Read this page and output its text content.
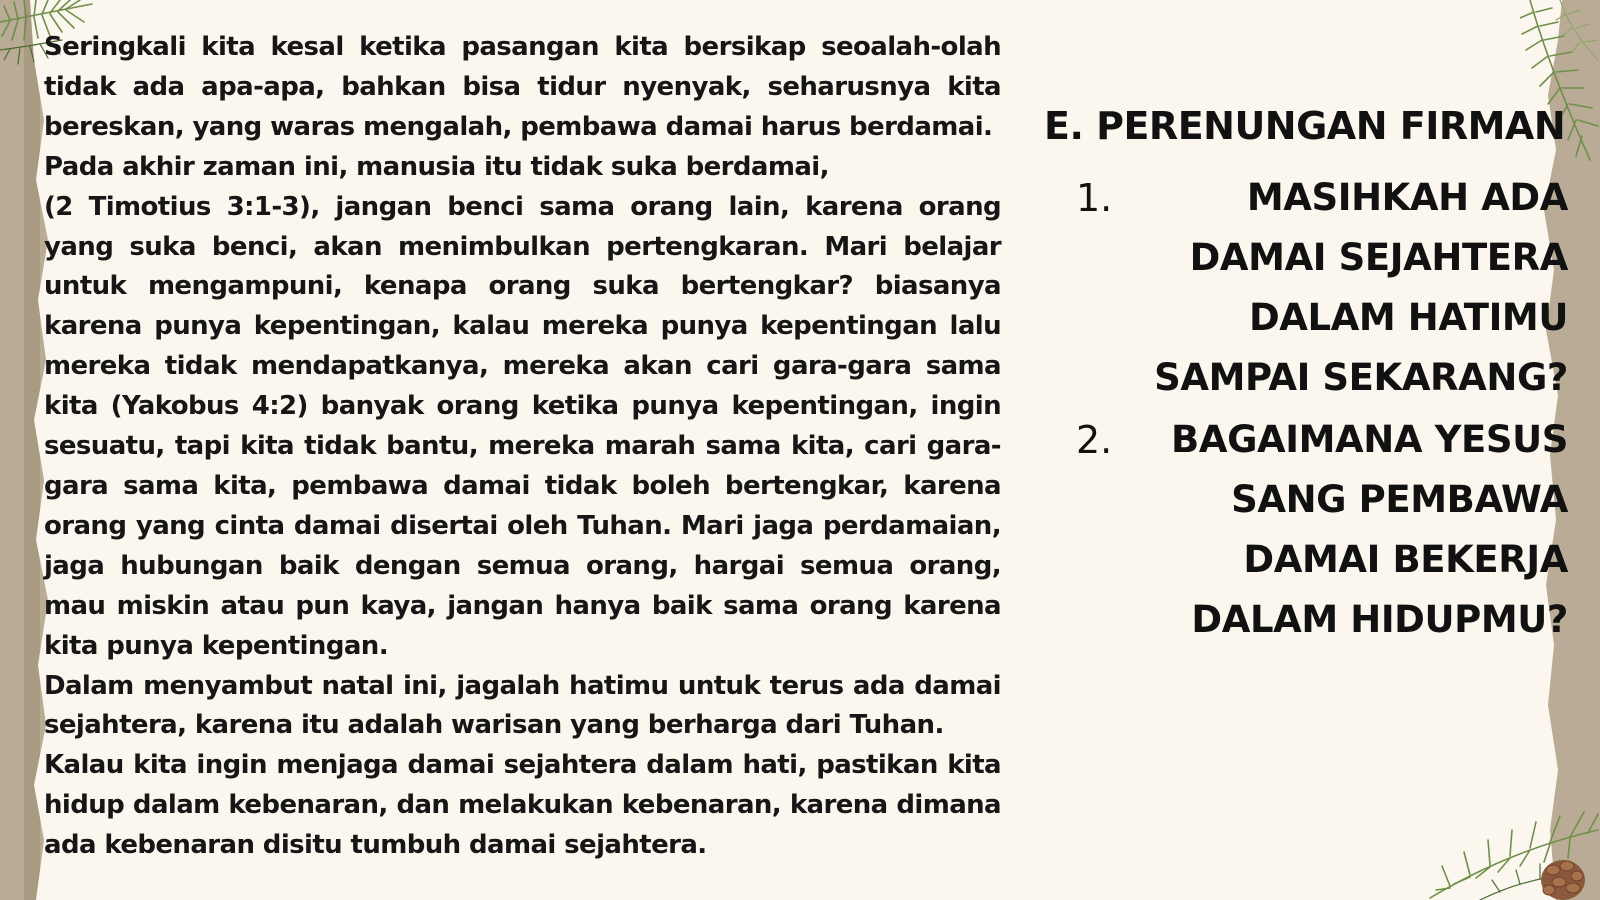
Seringkali kita kesal ketika pasangan kita bersikap seoalah-olah tidak ada apa-apa, bahkan bisa tidur nyenyak, seharusnya kita bereskan, yang waras mengalah, pembawa damai harus berdamai.

Pada akhir zaman ini, manusia itu tidak suka berdamai,

(2 Timotius 3:1-3), jangan benci sama orang lain, karena orang yang suka benci, akan menimbulkan pertengkaran. Mari belajar untuk mengampuni, kenapa orang suka bertengkar? biasanya karena punya kepentingan, kalau mereka punya kepentingan lalu mereka tidak mendapatkanya, mereka akan cari gara-gara sama kita (Yakobus 4:2) banyak orang ketika punya kepentingan, ingin sesuatu, tapi kita tidak bantu, mereka marah sama kita, cari gara-gara sama kita, pembawa damai tidak boleh bertengkar, karena orang yang cinta damai disertai oleh Tuhan. Mari jaga perdamaian, jaga hubungan baik dengan semua orang, hargai semua orang, mau miskin atau pun kaya, jangan hanya baik sama orang karena kita punya kepentingan.

Dalam menyambut natal ini, jagalah hatimu untuk terus ada damai sejahtera, karena itu adalah warisan yang berharga dari Tuhan.

Kalau kita ingin menjaga damai sejahtera dalam hati, pastikan kita hidup dalam kebenaran, dan melakukan kebenaran, karena dimana ada kebenaran disitu tumbuh damai sejahtera.

E. PERENUNGAN FIRMAN
1.	MASIHKAH ADA DAMAI SEJAHTERA DALAM HATIMU SAMPAI SEKARANG?
2.	BAGAIMANA YESUS SANG PEMBAWA DAMAI BEKERJA DALAM HIDUPMU?
